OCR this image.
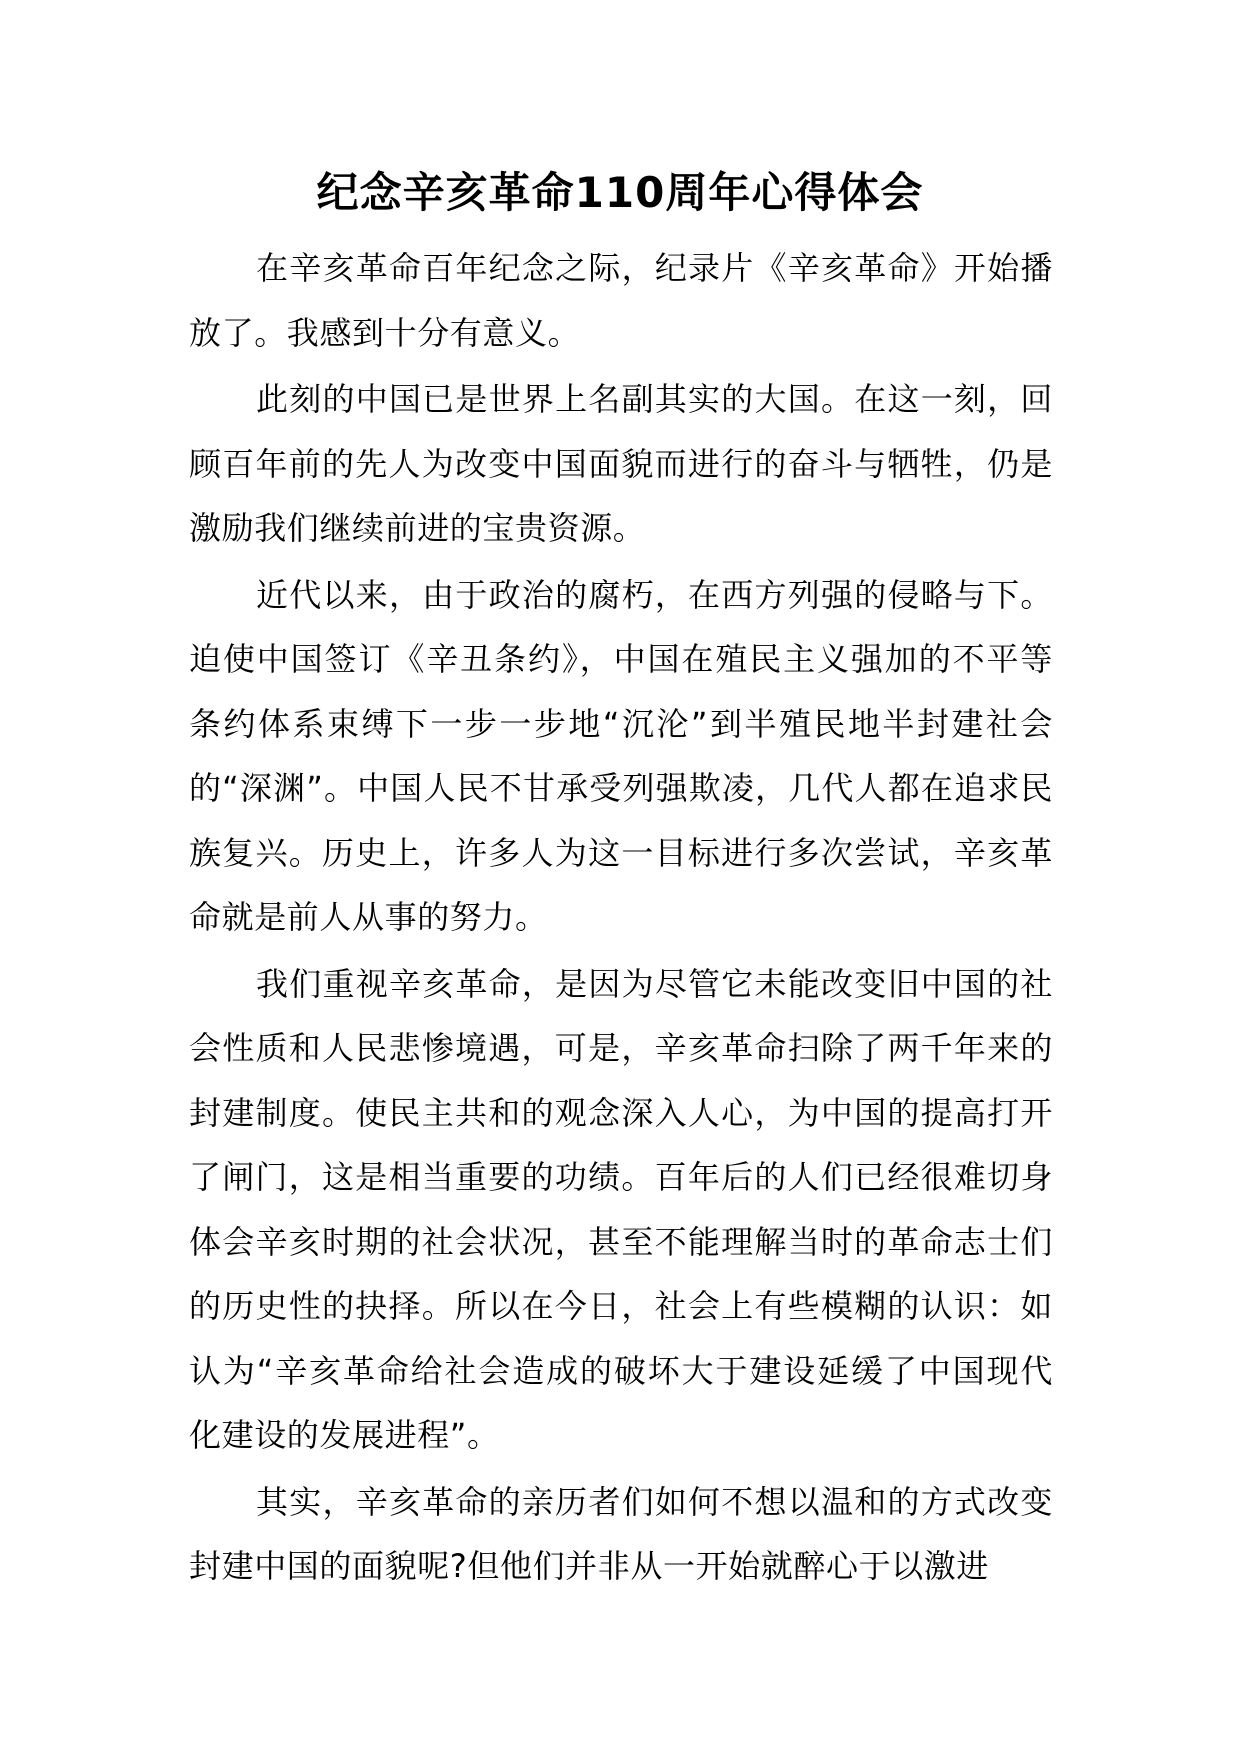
纪念辛亥革命110周年心得体会

在辛亥革命百年纪念之际，纪录片《辛亥革命》开始播放了。我感到十分有意义。

此刻的中国已是世界上名副其实的大国。在这一刻，回顾百年前的先人为改变中国面貌而进行的奋斗与牺牲，仍是激励我们继续前进的宝贵资源。

近代以来，由于政治的腐朽，在西方列强的侵略与下。迫使中国签订《辛丑条约》，中国在殖民主义强加的不平等条约体系束缚下一步一步地“沉沦”到半殖民地半封建社会的“深渊”。中国人民不甘承受列强欺凌，几代人都在追求民族复兴。历史上，许多人为这一目标进行多次尝试，辛亥革命就是前人从事的努力。

我们重视辛亥革命，是因为尽管它未能改变旧中国的社会性质和人民悲惨境遇，可是，辛亥革命扫除了两千年来的封建制度。使民主共和的观念深入人心，为中国的提高打开了闸门，这是相当重要的功绩。百年后的人们已经很难切身体会辛亥时期的社会状况，甚至不能理解当时的革命志士们的历史性的抉择。所以在今日，社会上有些模糊的认识：如认为“辛亥革命给社会造成的破坏大于建设延缓了中国现代化建设的发展进程”。

其实，辛亥革命的亲历者们如何不想以温和的方式改变封建中国的面貌呢?但他们并非从一开始就醉心于以激进
